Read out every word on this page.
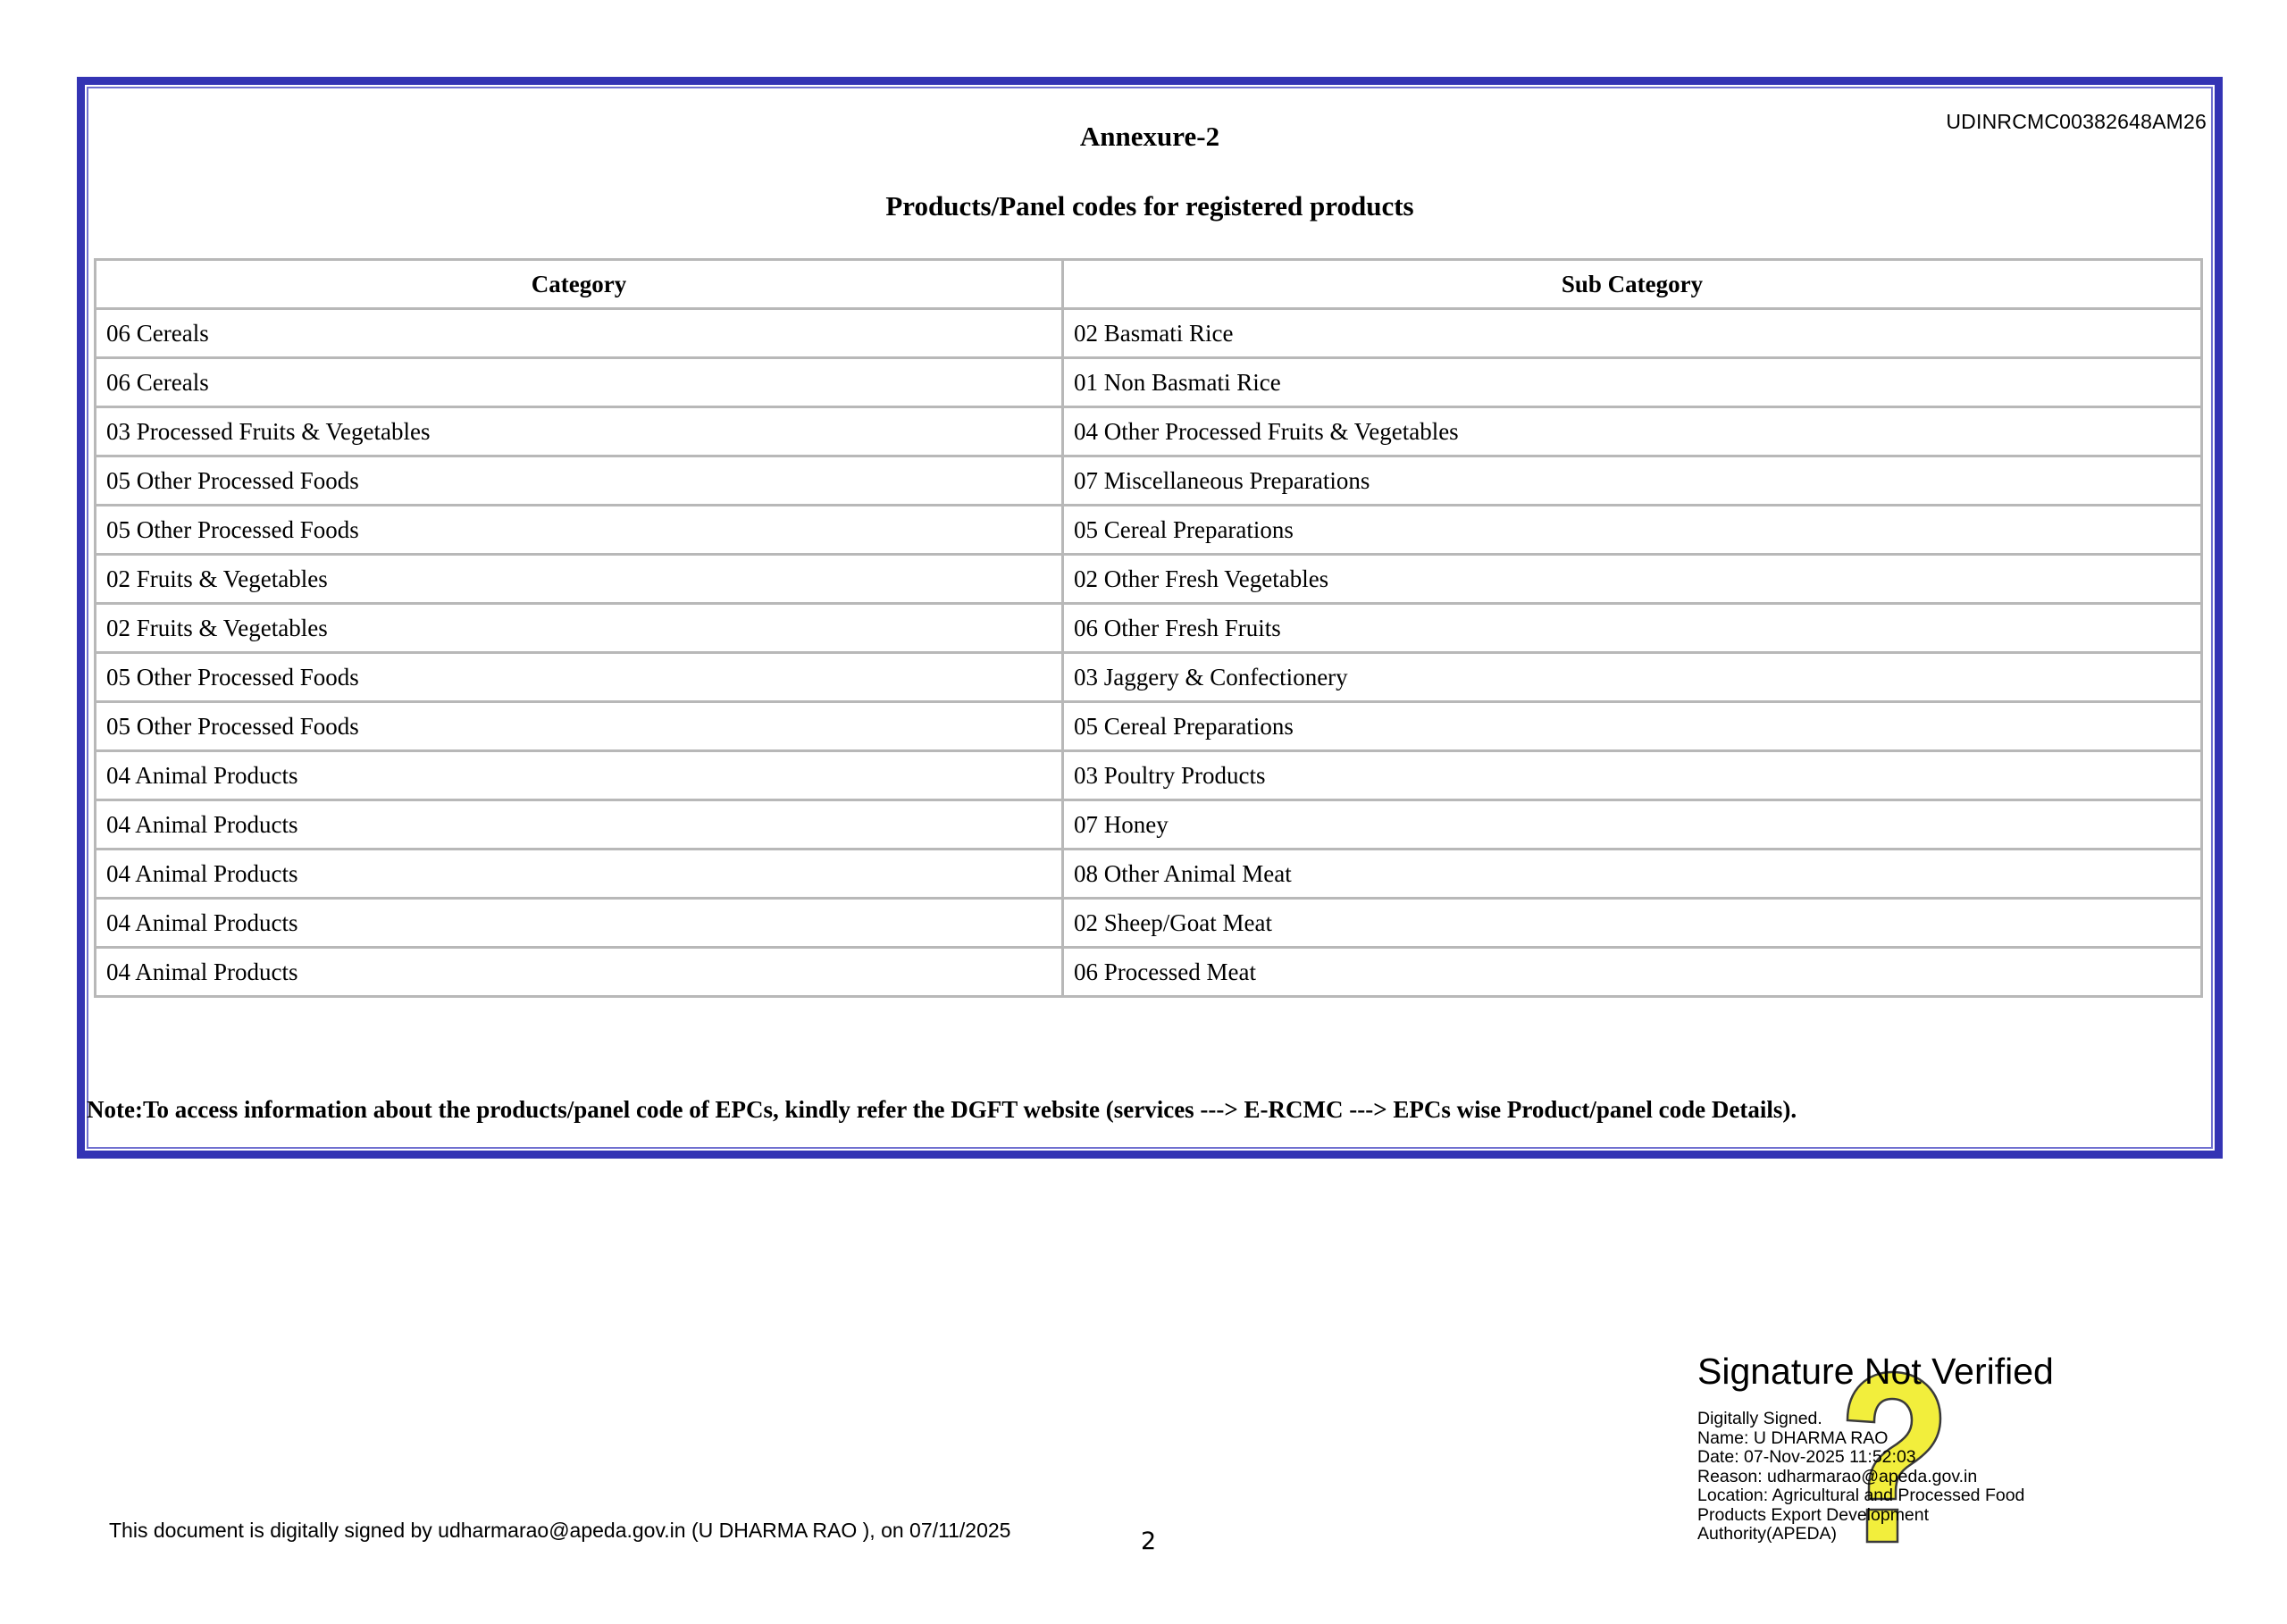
UDINRCMC00382648AM26
Annexure-2
Products/Panel codes for registered products
Category	Sub Category
06 Cereals	02 Basmati Rice
06 Cereals	01 Non Basmati Rice
03 Processed Fruits & Vegetables	04 Other Processed Fruits & Vegetables
05 Other Processed Foods	07 Miscellaneous Preparations
05 Other Processed Foods	05 Cereal Preparations
02 Fruits & Vegetables	02 Other Fresh Vegetables
02 Fruits & Vegetables	06 Other Fresh Fruits
05 Other Processed Foods	03 Jaggery & Confectionery
05 Other Processed Foods	05 Cereal Preparations
04 Animal Products	03 Poultry Products
04 Animal Products	07 Honey
04 Animal Products	08 Other Animal Meat
04 Animal Products	02 Sheep/Goat Meat
04 Animal Products	06 Processed Meat
Note:To access information about the products/panel code of EPCs, kindly refer the DGFT website (services ---> E-RCMC ---> EPCs wise Product/panel code Details).
This document is digitally signed by udharmarao@apeda.gov.in (U DHARMA RAO ), on 07/11/2025	2
Signature Not Verified
Digitally Signed.
Name: U DHARMA RAO
Date: 07-Nov-2025 11:52:03
Reason: udharmarao@apeda.gov.in
Location: Agricultural and Processed Food
Products Export Development
Authority(APEDA)
